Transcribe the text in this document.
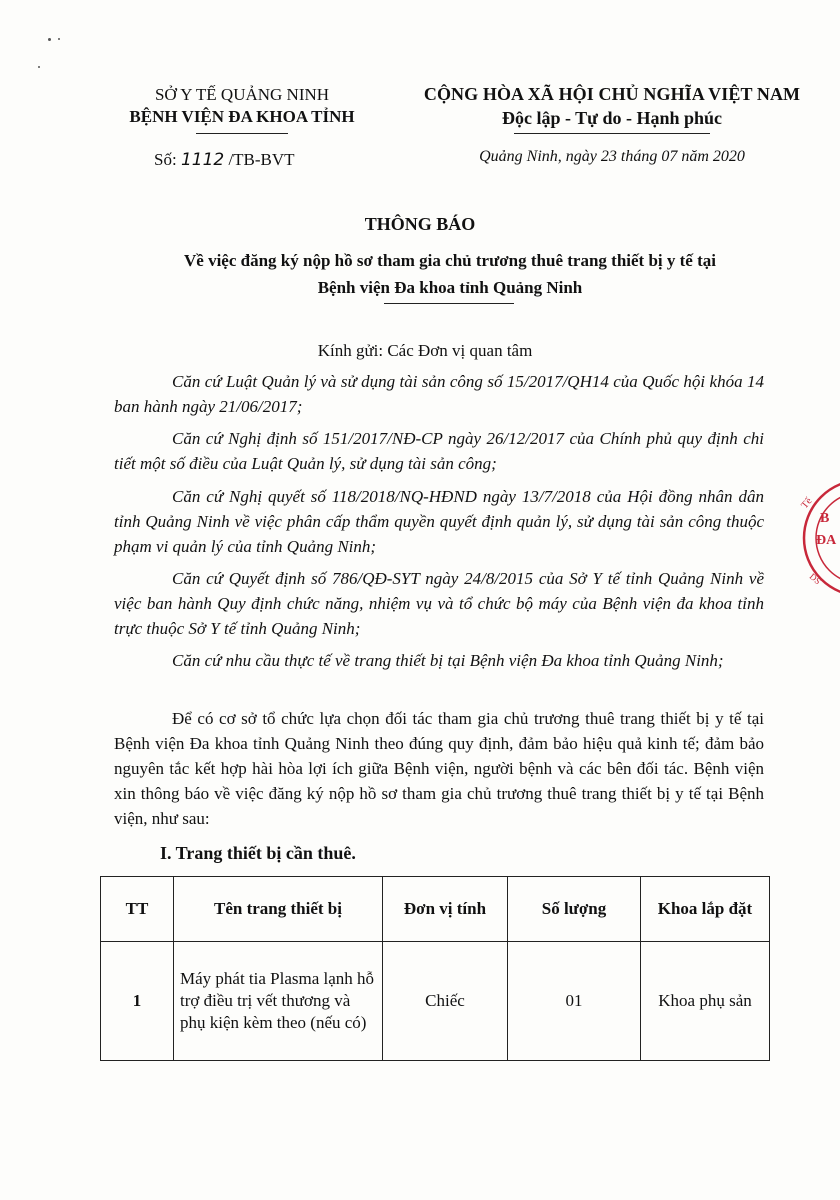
SỞ Y TẾ QUẢNG NINH
BỆNH VIỆN ĐA KHOA TỈNH
Số: 1112 /TB-BVT
CỘNG HÒA XÃ HỘI CHỦ NGHĨA VIỆT NAM
Độc lập - Tự do - Hạnh phúc
Quảng Ninh, ngày 23 tháng 07 năm 2020
THÔNG BÁO
Về việc đăng ký nộp hồ sơ tham gia chủ trương thuê trang thiết bị y tế tại
Bệnh viện Đa khoa tỉnh Quảng Ninh
Kính gửi: Các Đơn vị quan tâm
Căn cứ Luật Quản lý và sử dụng tài sản công số 15/2017/QH14 của Quốc hội khóa 14 ban hành ngày 21/06/2017;
Căn cứ Nghị định số 151/2017/NĐ-CP ngày 26/12/2017 của Chính phủ quy định chi tiết một số điều của Luật Quản lý, sử dụng tài sản công;
Căn cứ Nghị quyết số 118/2018/NQ-HĐND ngày 13/7/2018 của Hội đồng nhân dân tỉnh Quảng Ninh về việc phân cấp thẩm quyền quyết định quản lý, sử dụng tài sản công thuộc phạm vi quản lý của tỉnh Quảng Ninh;
Căn cứ Quyết định số 786/QĐ-SYT ngày 24/8/2015 của Sở Y tế tỉnh Quảng Ninh về việc ban hành Quy định chức năng, nhiệm vụ và tổ chức bộ máy của Bệnh viện đa khoa tỉnh trực thuộc Sở Y tế tỉnh Quảng Ninh;
Căn cứ nhu cầu thực tế về trang thiết bị tại Bệnh viện Đa khoa tỉnh Quảng Ninh;
Để có cơ sở tổ chức lựa chọn đối tác tham gia chủ trương thuê trang thiết bị y tế tại Bệnh viện Đa khoa tỉnh Quảng Ninh theo đúng quy định, đảm bảo hiệu quả kinh tế; đảm bảo nguyên tắc kết hợp hài hòa lợi ích giữa Bệnh viện, người bệnh và các bên đối tác. Bệnh viện xin thông báo về việc đăng ký nộp hồ sơ tham gia chủ trương thuê trang thiết bị y tế tại Bệnh viện, như sau:
I. Trang thiết bị cần thuê.
TT	Tên trang thiết bị	Đơn vị tính	Số lượng	Khoa lắp đặt
1	Máy phát tia Plasma lạnh hỗ trợ điều trị vết thương và phụ kiện kèm theo (nếu có)	Chiếc	01	Khoa phụ sản
B
ĐA
Tế
DS
